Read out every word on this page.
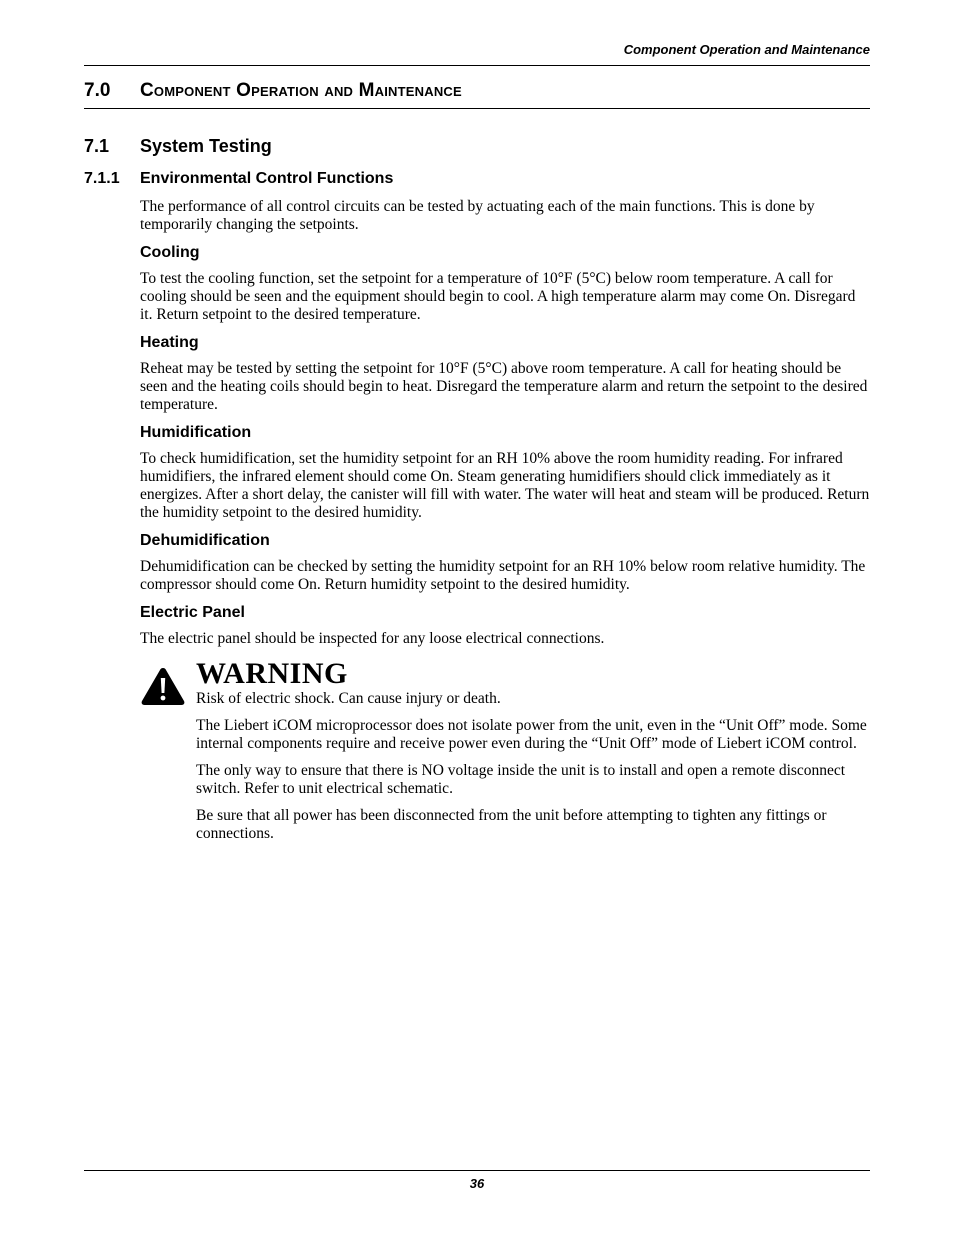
Component Operation and Maintenance
7.0	Component Operation and Maintenance
7.1	System Testing
7.1.1	Environmental Control Functions

The performance of all control circuits can be tested by actuating each of the main functions. This is done by temporarily changing the setpoints.

Cooling

To test the cooling function, set the setpoint for a temperature of 10°F (5°C) below room temperature. A call for cooling should be seen and the equipment should begin to cool. A high temperature alarm may come On. Disregard it. Return setpoint to the desired temperature.

Heating

Reheat may be tested by setting the setpoint for 10°F (5°C) above room temperature. A call for heating should be seen and the heating coils should begin to heat. Disregard the temperature alarm and return the setpoint to the desired temperature.

Humidification

To check humidification, set the humidity setpoint for an RH 10% above the room humidity reading. For infrared humidifiers, the infrared element should come On. Steam generating humidifiers should click immediately as it energizes. After a short delay, the canister will fill with water. The water will heat and steam will be produced. Return the humidity setpoint to the desired humidity.

Dehumidification

Dehumidification can be checked by setting the humidity setpoint for an RH 10% below room relative humidity. The compressor should come On. Return humidity setpoint to the desired humidity.

Electric Panel

The electric panel should be inspected for any loose electrical connections.

WARNING

Risk of electric shock. Can cause injury or death.

The Liebert iCOM microprocessor does not isolate power from the unit, even in the “Unit Off” mode. Some internal components require and receive power even during the “Unit Off” mode of Liebert iCOM control.

The only way to ensure that there is NO voltage inside the unit is to install and open a remote disconnect switch. Refer to unit electrical schematic.

Be sure that all power has been disconnected from the unit before attempting to tighten any fittings or connections.

36
